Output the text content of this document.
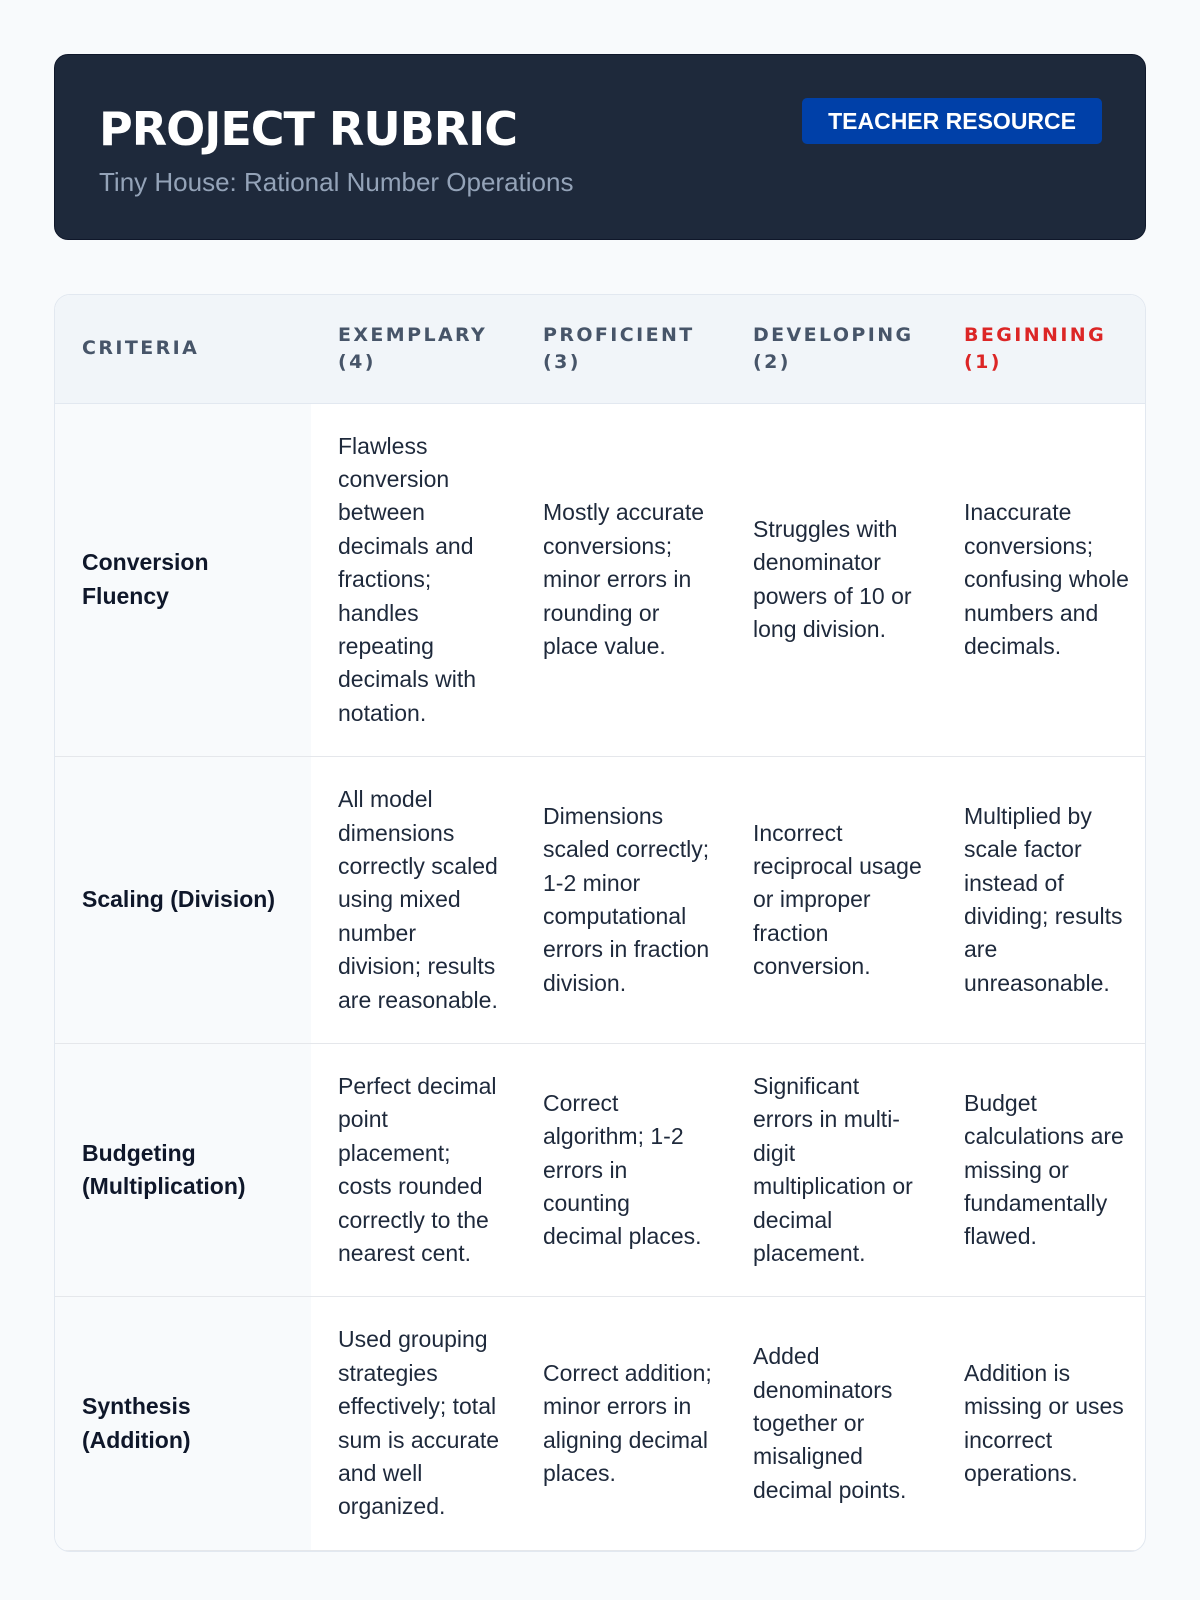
PROJECT RUBRIC
Tiny House: Rational Number Operations
TEACHER RESOURCE
CRITERIA	EXEMPLARY (4)	PROFICIENT (3)	DEVELOPING (2)	BEGINNING (1)
Conversion Fluency	Flawless conversion between decimals and fractions; handles repeating decimals with notation.	Mostly accurate conversions; minor errors in rounding or place value.	Struggles with denominator powers of 10 or long division.	Inaccurate conversions; confusing whole numbers and decimals.
Scaling (Division)	All model dimensions correctly scaled using mixed number division; results are reasonable.	Dimensions scaled correctly; 1-2 minor computational errors in fraction division.	Incorrect reciprocal usage or improper fraction conversion.	Multiplied by scale factor instead of dividing; results are unreasonable.
Budgeting (Multiplication)	Perfect decimal point placement; costs rounded correctly to the nearest cent.	Correct algorithm; 1-2 errors in counting decimal places.	Significant errors in multi-digit multiplication or decimal placement.	Budget calculations are missing or fundamentally flawed.
Synthesis (Addition)	Used grouping strategies effectively; total sum is accurate and well organized.	Correct addition; minor errors in aligning decimal places.	Added denominators together or misaligned decimal points.	Addition is missing or uses incorrect operations.
